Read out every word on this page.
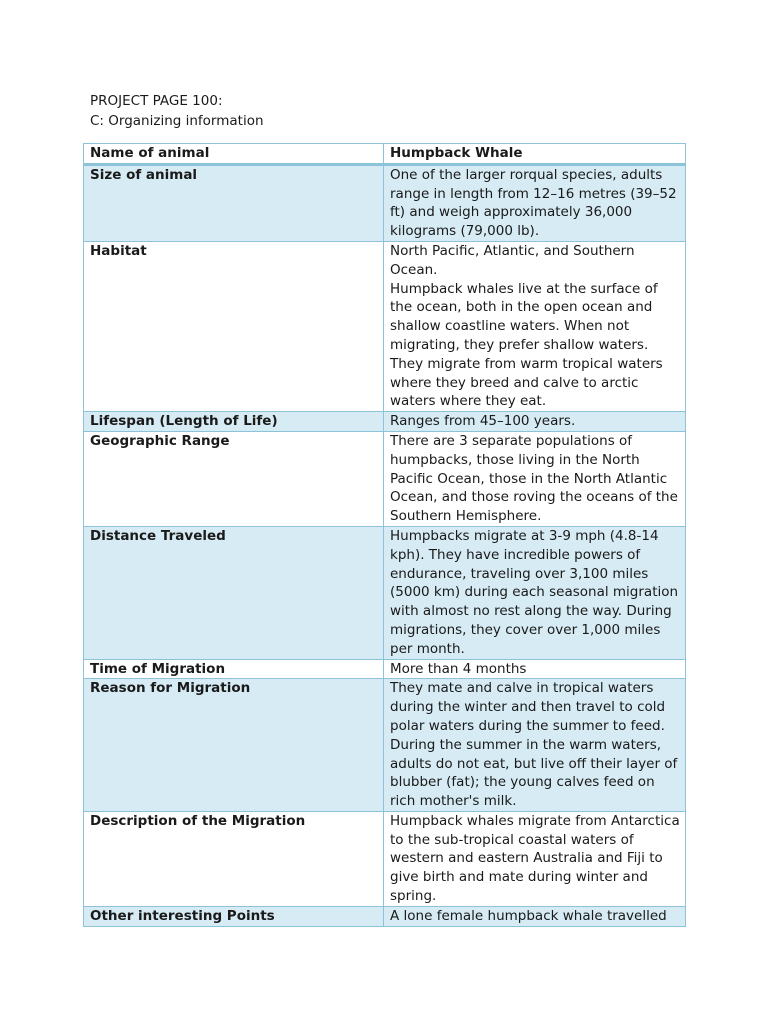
PROJECT PAGE 100:
C: Organizing information
Name of animal	Humpback Whale
Size of animal	One of the larger rorqual species, adults range in length from 12–16 metres (39–52 ft) and weigh approximately 36,000 kilograms (79,000 lb).

Habitat	North Pacific, Atlantic, and Southern Ocean.
Humpback whales live at the surface of the ocean, both in the open ocean and shallow coastline waters. When not migrating, they prefer shallow waters. They migrate from warm tropical waters where they breed and calve to arctic waters where they eat.

Lifespan (Length of Life)	Ranges from 45–100 years.

Geographic Range	There are 3 separate populations of humpbacks, those living in the North Pacific Ocean, those in the North Atlantic Ocean, and those roving the oceans of the Southern Hemisphere.

Distance Traveled	Humpbacks migrate at 3-9 mph (4.8-14 kph). They have incredible powers of endurance, traveling over 3,100 miles (5000 km) during each seasonal migration with almost no rest along the way. During migrations, they cover over 1,000 miles per month.

Time of Migration	More than 4 months

Reason for Migration	They mate and calve in tropical waters during the winter and then travel to cold polar waters during the summer to feed. During the summer in the warm waters, adults do not eat, but live off their layer of blubber (fat); the young calves feed on rich mother's milk.

Description of the Migration	Humpback whales migrate from Antarctica to the sub-tropical coastal waters of western and eastern Australia and Fiji to give birth and mate during winter and spring.

Other interesting Points	A lone female humpback whale travelled
